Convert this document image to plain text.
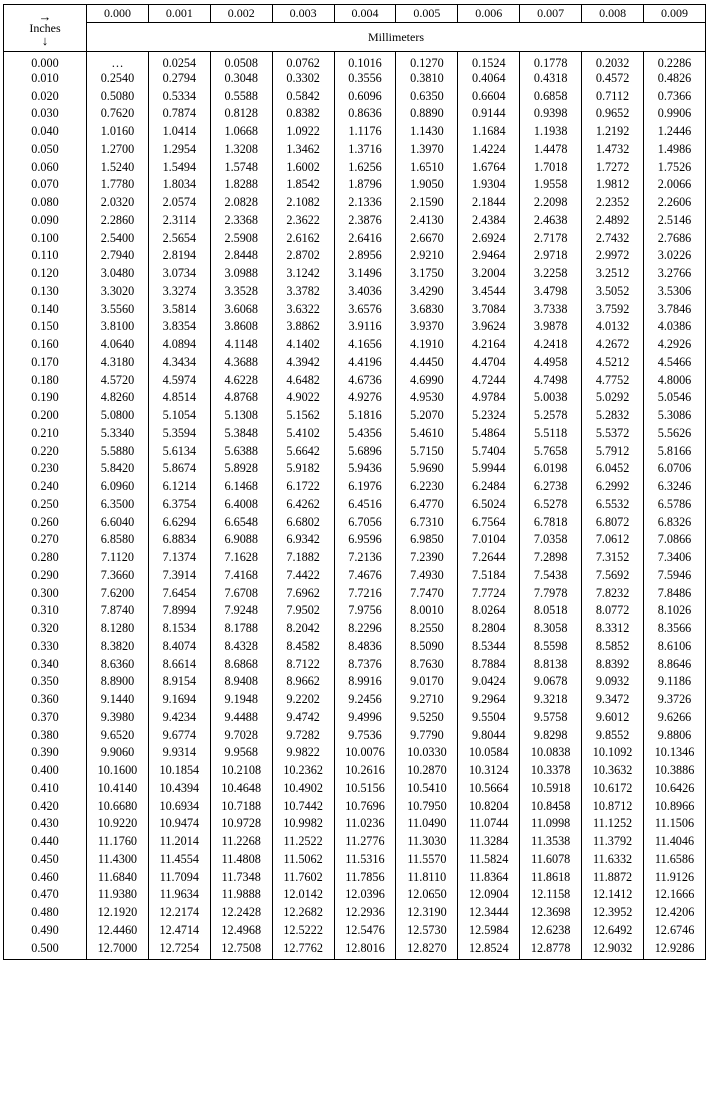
→
Inches
↓	0.000	0.001	0.002	0.003	0.004	0.005	0.006	0.007	0.008	0.009
	Millimeters									
0.000	…	0.0254	0.0508	0.0762	0.1016	0.1270	0.1524	0.1778	0.2032	0.2286
0.010	0.2540	0.2794	0.3048	0.3302	0.3556	0.3810	0.4064	0.4318	0.4572	0.4826
0.020	0.5080	0.5334	0.5588	0.5842	0.6096	0.6350	0.6604	0.6858	0.7112	0.7366
0.030	0.7620	0.7874	0.8128	0.8382	0.8636	0.8890	0.9144	0.9398	0.9652	0.9906
0.040	1.0160	1.0414	1.0668	1.0922	1.1176	1.1430	1.1684	1.1938	1.2192	1.2446
0.050	1.2700	1.2954	1.3208	1.3462	1.3716	1.3970	1.4224	1.4478	1.4732	1.4986
0.060	1.5240	1.5494	1.5748	1.6002	1.6256	1.6510	1.6764	1.7018	1.7272	1.7526
0.070	1.7780	1.8034	1.8288	1.8542	1.8796	1.9050	1.9304	1.9558	1.9812	2.0066
0.080	2.0320	2.0574	2.0828	2.1082	2.1336	2.1590	2.1844	2.2098	2.2352	2.2606
0.090	2.2860	2.3114	2.3368	2.3622	2.3876	2.4130	2.4384	2.4638	2.4892	2.5146
0.100	2.5400	2.5654	2.5908	2.6162	2.6416	2.6670	2.6924	2.7178	2.7432	2.7686
0.110	2.7940	2.8194	2.8448	2.8702	2.8956	2.9210	2.9464	2.9718	2.9972	3.0226
0.120	3.0480	3.0734	3.0988	3.1242	3.1496	3.1750	3.2004	3.2258	3.2512	3.2766
0.130	3.3020	3.3274	3.3528	3.3782	3.4036	3.4290	3.4544	3.4798	3.5052	3.5306
0.140	3.5560	3.5814	3.6068	3.6322	3.6576	3.6830	3.7084	3.7338	3.7592	3.7846
0.150	3.8100	3.8354	3.8608	3.8862	3.9116	3.9370	3.9624	3.9878	4.0132	4.0386
0.160	4.0640	4.0894	4.1148	4.1402	4.1656	4.1910	4.2164	4.2418	4.2672	4.2926
0.170	4.3180	4.3434	4.3688	4.3942	4.4196	4.4450	4.4704	4.4958	4.5212	4.5466
0.180	4.5720	4.5974	4.6228	4.6482	4.6736	4.6990	4.7244	4.7498	4.7752	4.8006
0.190	4.8260	4.8514	4.8768	4.9022	4.9276	4.9530	4.9784	5.0038	5.0292	5.0546
0.200	5.0800	5.1054	5.1308	5.1562	5.1816	5.2070	5.2324	5.2578	5.2832	5.3086
0.210	5.3340	5.3594	5.3848	5.4102	5.4356	5.4610	5.4864	5.5118	5.5372	5.5626
0.220	5.5880	5.6134	5.6388	5.6642	5.6896	5.7150	5.7404	5.7658	5.7912	5.8166
0.230	5.8420	5.8674	5.8928	5.9182	5.9436	5.9690	5.9944	6.0198	6.0452	6.0706
0.240	6.0960	6.1214	6.1468	6.1722	6.1976	6.2230	6.2484	6.2738	6.2992	6.3246
0.250	6.3500	6.3754	6.4008	6.4262	6.4516	6.4770	6.5024	6.5278	6.5532	6.5786
0.260	6.6040	6.6294	6.6548	6.6802	6.7056	6.7310	6.7564	6.7818	6.8072	6.8326
0.270	6.8580	6.8834	6.9088	6.9342	6.9596	6.9850	7.0104	7.0358	7.0612	7.0866
0.280	7.1120	7.1374	7.1628	7.1882	7.2136	7.2390	7.2644	7.2898	7.3152	7.3406
0.290	7.3660	7.3914	7.4168	7.4422	7.4676	7.4930	7.5184	7.5438	7.5692	7.5946
0.300	7.6200	7.6454	7.6708	7.6962	7.7216	7.7470	7.7724	7.7978	7.8232	7.8486
0.310	7.8740	7.8994	7.9248	7.9502	7.9756	8.0010	8.0264	8.0518	8.0772	8.1026
0.320	8.1280	8.1534	8.1788	8.2042	8.2296	8.2550	8.2804	8.3058	8.3312	8.3566
0.330	8.3820	8.4074	8.4328	8.4582	8.4836	8.5090	8.5344	8.5598	8.5852	8.6106
0.340	8.6360	8.6614	8.6868	8.7122	8.7376	8.7630	8.7884	8.8138	8.8392	8.8646
0.350	8.8900	8.9154	8.9408	8.9662	8.9916	9.0170	9.0424	9.0678	9.0932	9.1186
0.360	9.1440	9.1694	9.1948	9.2202	9.2456	9.2710	9.2964	9.3218	9.3472	9.3726
0.370	9.3980	9.4234	9.4488	9.4742	9.4996	9.5250	9.5504	9.5758	9.6012	9.6266
0.380	9.6520	9.6774	9.7028	9.7282	9.7536	9.7790	9.8044	9.8298	9.8552	9.8806
0.390	9.9060	9.9314	9.9568	9.9822	10.0076	10.0330	10.0584	10.0838	10.1092	10.1346
0.400	10.1600	10.1854	10.2108	10.2362	10.2616	10.2870	10.3124	10.3378	10.3632	10.3886
0.410	10.4140	10.4394	10.4648	10.4902	10.5156	10.5410	10.5664	10.5918	10.6172	10.6426
0.420	10.6680	10.6934	10.7188	10.7442	10.7696	10.7950	10.8204	10.8458	10.8712	10.8966
0.430	10.9220	10.9474	10.9728	10.9982	11.0236	11.0490	11.0744	11.0998	11.1252	11.1506
0.440	11.1760	11.2014	11.2268	11.2522	11.2776	11.3030	11.3284	11.3538	11.3792	11.4046
0.450	11.4300	11.4554	11.4808	11.5062	11.5316	11.5570	11.5824	11.6078	11.6332	11.6586
0.460	11.6840	11.7094	11.7348	11.7602	11.7856	11.8110	11.8364	11.8618	11.8872	11.9126
0.470	11.9380	11.9634	11.9888	12.0142	12.0396	12.0650	12.0904	12.1158	12.1412	12.1666
0.480	12.1920	12.2174	12.2428	12.2682	12.2936	12.3190	12.3444	12.3698	12.3952	12.4206
0.490	12.4460	12.4714	12.4968	12.5222	12.5476	12.5730	12.5984	12.6238	12.6492	12.6746
0.500	12.7000	12.7254	12.7508	12.7762	12.8016	12.8270	12.8524	12.8778	12.9032	12.9286
